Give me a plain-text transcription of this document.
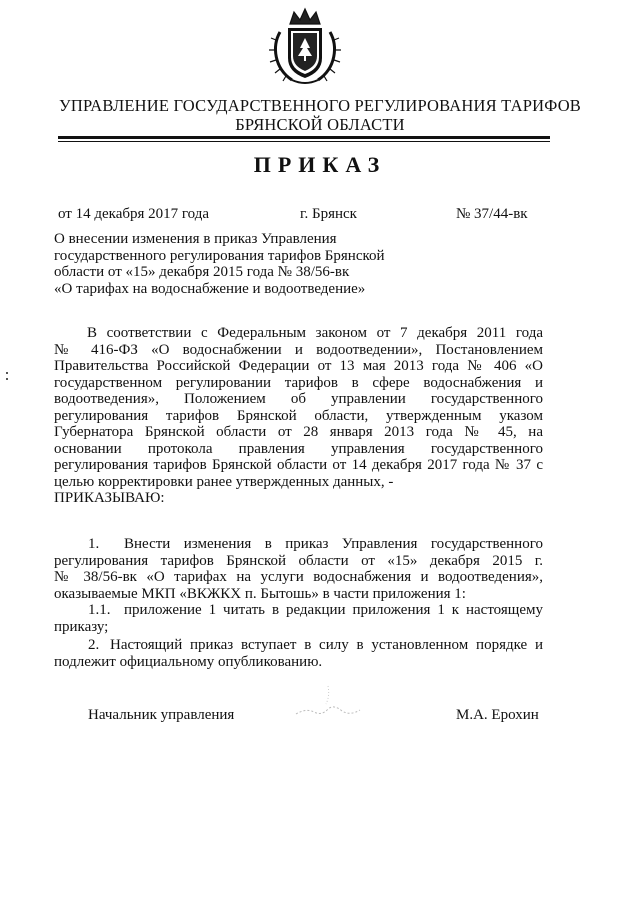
УПРАВЛЕНИЕ ГОСУДАРСТВЕННОГО РЕГУЛИРОВАНИЯ ТАРИФОВ
БРЯНСКОЙ ОБЛАСТИ
ПРИКАЗ
от 14 декабря 2017 года	г. Брянск	№ 37/44-вк
О внесении изменения в приказ Управления
государственного регулирования тарифов Брянской
области от «15» декабря 2015 года № 38/56-вк
«О тарифах на водоснабжение и водоотведение»
В соответствии с Федеральным законом от 7 декабря 2011 года
№ 416-ФЗ «О водоснабжении и водоотведении», Постановлением
Правительства Российской Федерации от 13 мая 2013 года № 406 «О
государственном регулировании тарифов в сфере водоснабжения и
водоотведения», Положением об управлении государственного
регулирования тарифов Брянской области, утвержденным указом
Губернатора Брянской области от 28 января 2013 года № 45, на
основании протокола правления управления государственного
регулирования тарифов Брянской области от 14 декабря 2017 года № 37 с
целью корректировки ранее утвержденных данных, -
ПРИКАЗЫВАЮ:
1. Внести изменения в приказ Управления государственного
регулирования тарифов Брянской области от «15» декабря 2015 г.
№ 38/56-вк «О тарифах на услуги водоснабжения и водоотведения»,
оказываемые МКП «ВКЖКХ п. Бытошь» в части приложения 1:
1.1. приложение 1 читать в редакции приложения 1 к настоящему
приказу;
2. Настоящий приказ вступает в силу в установленном порядке и
подлежит официальному опубликованию.
Начальник управления	М.А. Ерохин
